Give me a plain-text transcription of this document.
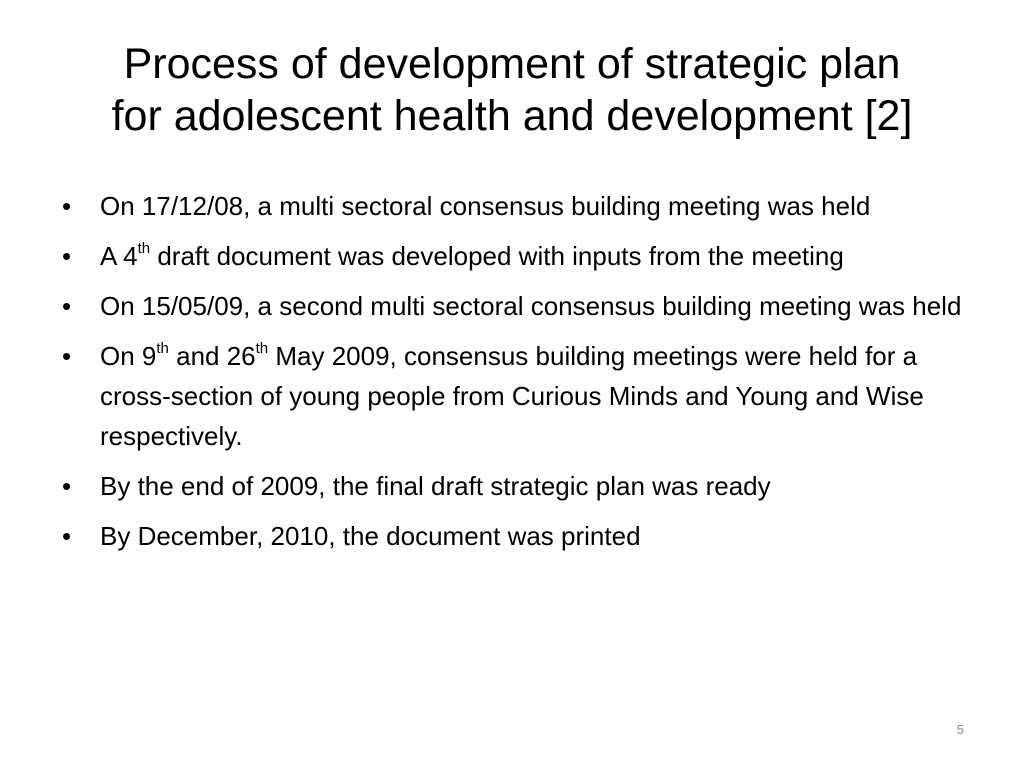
Process of development of strategic plan
for adolescent health and development [2]
• On 17/12/08, a multi sectoral consensus building meeting was held
• A 4th draft document was developed with inputs from the meeting
• On 15/05/09, a second multi sectoral consensus building meeting was held
• On 9th and 26th May 2009, consensus building meetings were held for a cross-section of young people from Curious Minds and Young and Wise respectively.
• By the end of 2009, the final draft strategic plan was ready
• By December, 2010, the document was printed
5
